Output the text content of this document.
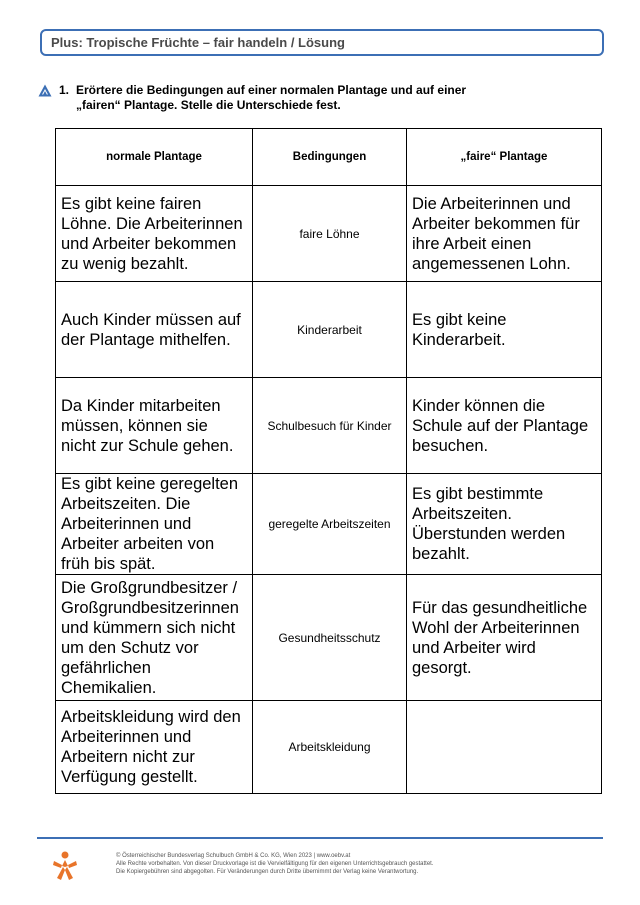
Plus: Tropische Früchte – fair handeln / Lösung
1. Erörtere die Bedingungen auf einer normalen Plantage und auf einer
„fairen“ Plantage. Stelle die Unterschiede fest.
normale Plantage	Bedingungen	„faire“ Plantage
Es gibt keine fairen Löhne. Die Arbeiterinnen und Arbeiter bekommen zu wenig bezahlt.	faire Löhne	Die Arbeiterinnen und Arbeiter bekommen für ihre Arbeit einen angemessenen Lohn.
Auch Kinder müssen auf der Plantage mithelfen.	Kinderarbeit	Es gibt keine Kinderarbeit.
Da Kinder mitarbeiten müssen, können sie nicht zur Schule gehen.	Schulbesuch für Kinder	Kinder können die Schule auf der Plantage besuchen.
Es gibt keine geregelten Arbeitszeiten. Die Arbeiterinnen und Arbeiter arbeiten von früh bis spät.	geregelte Arbeitszeiten	Es gibt bestimmte Arbeitszeiten. Überstunden werden bezahlt.
Die Großgrundbesitzer / Großgrundbesitzerinnen und kümmern sich nicht um den Schutz vor gefährlichen Chemikalien.	Gesundheitsschutz	Für das gesundheitliche Wohl der Arbeiterinnen und Arbeiter wird gesorgt.
Arbeitskleidung wird den Arbeiterinnen und Arbeitern nicht zur Verfügung gestellt.	Arbeitskleidung	
© Österreichischer Bundesverlag Schulbuch GmbH & Co. KG, Wien 2023 | www.oebv.at
Alle Rechte vorbehalten. Von dieser Druckvorlage ist die Vervielfältigung für den eigenen Unterrichtsgebrauch gestattet.
Die Kopiergebühren sind abgegolten. Für Veränderungen durch Dritte übernimmt der Verlag keine Verantwortung.
